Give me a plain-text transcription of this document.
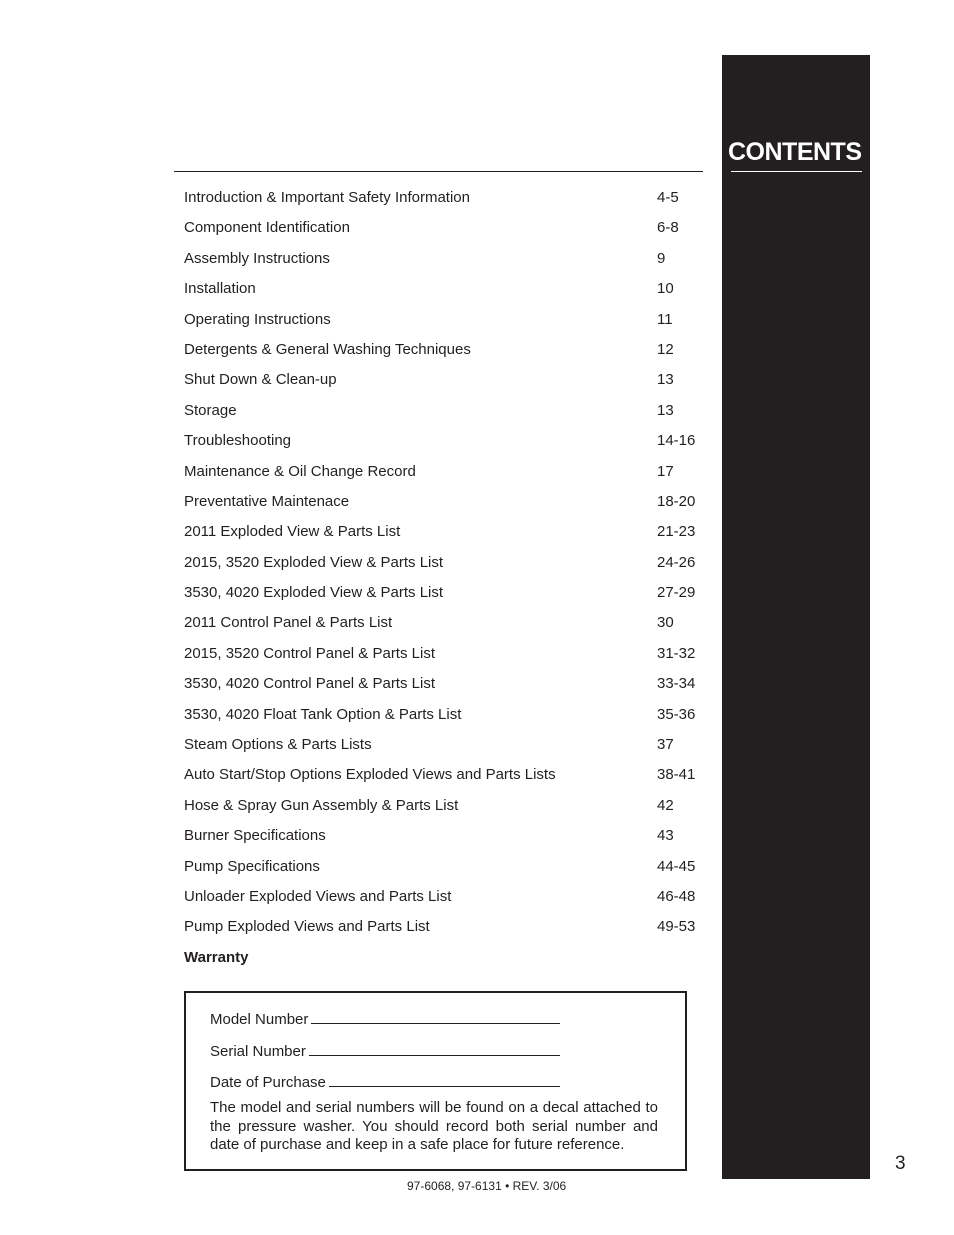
CONTENTS
Introduction & Important Safety Information	4-5
Component Identification	6-8
Assembly Instructions	9
Installation	10
Operating Instructions	11
Detergents & General Washing Techniques	12
Shut Down & Clean-up	13
Storage	13
Troubleshooting	14-16
Maintenance & Oil Change Record	17
Preventative Maintenace	18-20
2011 Exploded View & Parts List	21-23
2015, 3520 Exploded View & Parts List	24-26
3530, 4020 Exploded View & Parts List	27-29
2011 Control Panel & Parts List	30
2015, 3520 Control Panel & Parts List	31-32
3530, 4020 Control Panel & Parts List	33-34
3530, 4020 Float Tank Option & Parts List	35-36
Steam Options & Parts Lists	37
Auto Start/Stop Options Exploded Views and Parts Lists	38-41
Hose & Spray Gun Assembly & Parts List	42
Burner Specifications	43
Pump Specifications	44-45
Unloader Exploded Views and Parts List	46-48
Pump Exploded Views and Parts List	49-53
Warranty
Model Number
Serial Number
Date of Purchase
The model and serial numbers will be found on a decal attached to the pressure washer. You should record both serial number and date of purchase and keep in a safe place for future reference.
3
97-6068, 97-6131 • REV. 3/06
